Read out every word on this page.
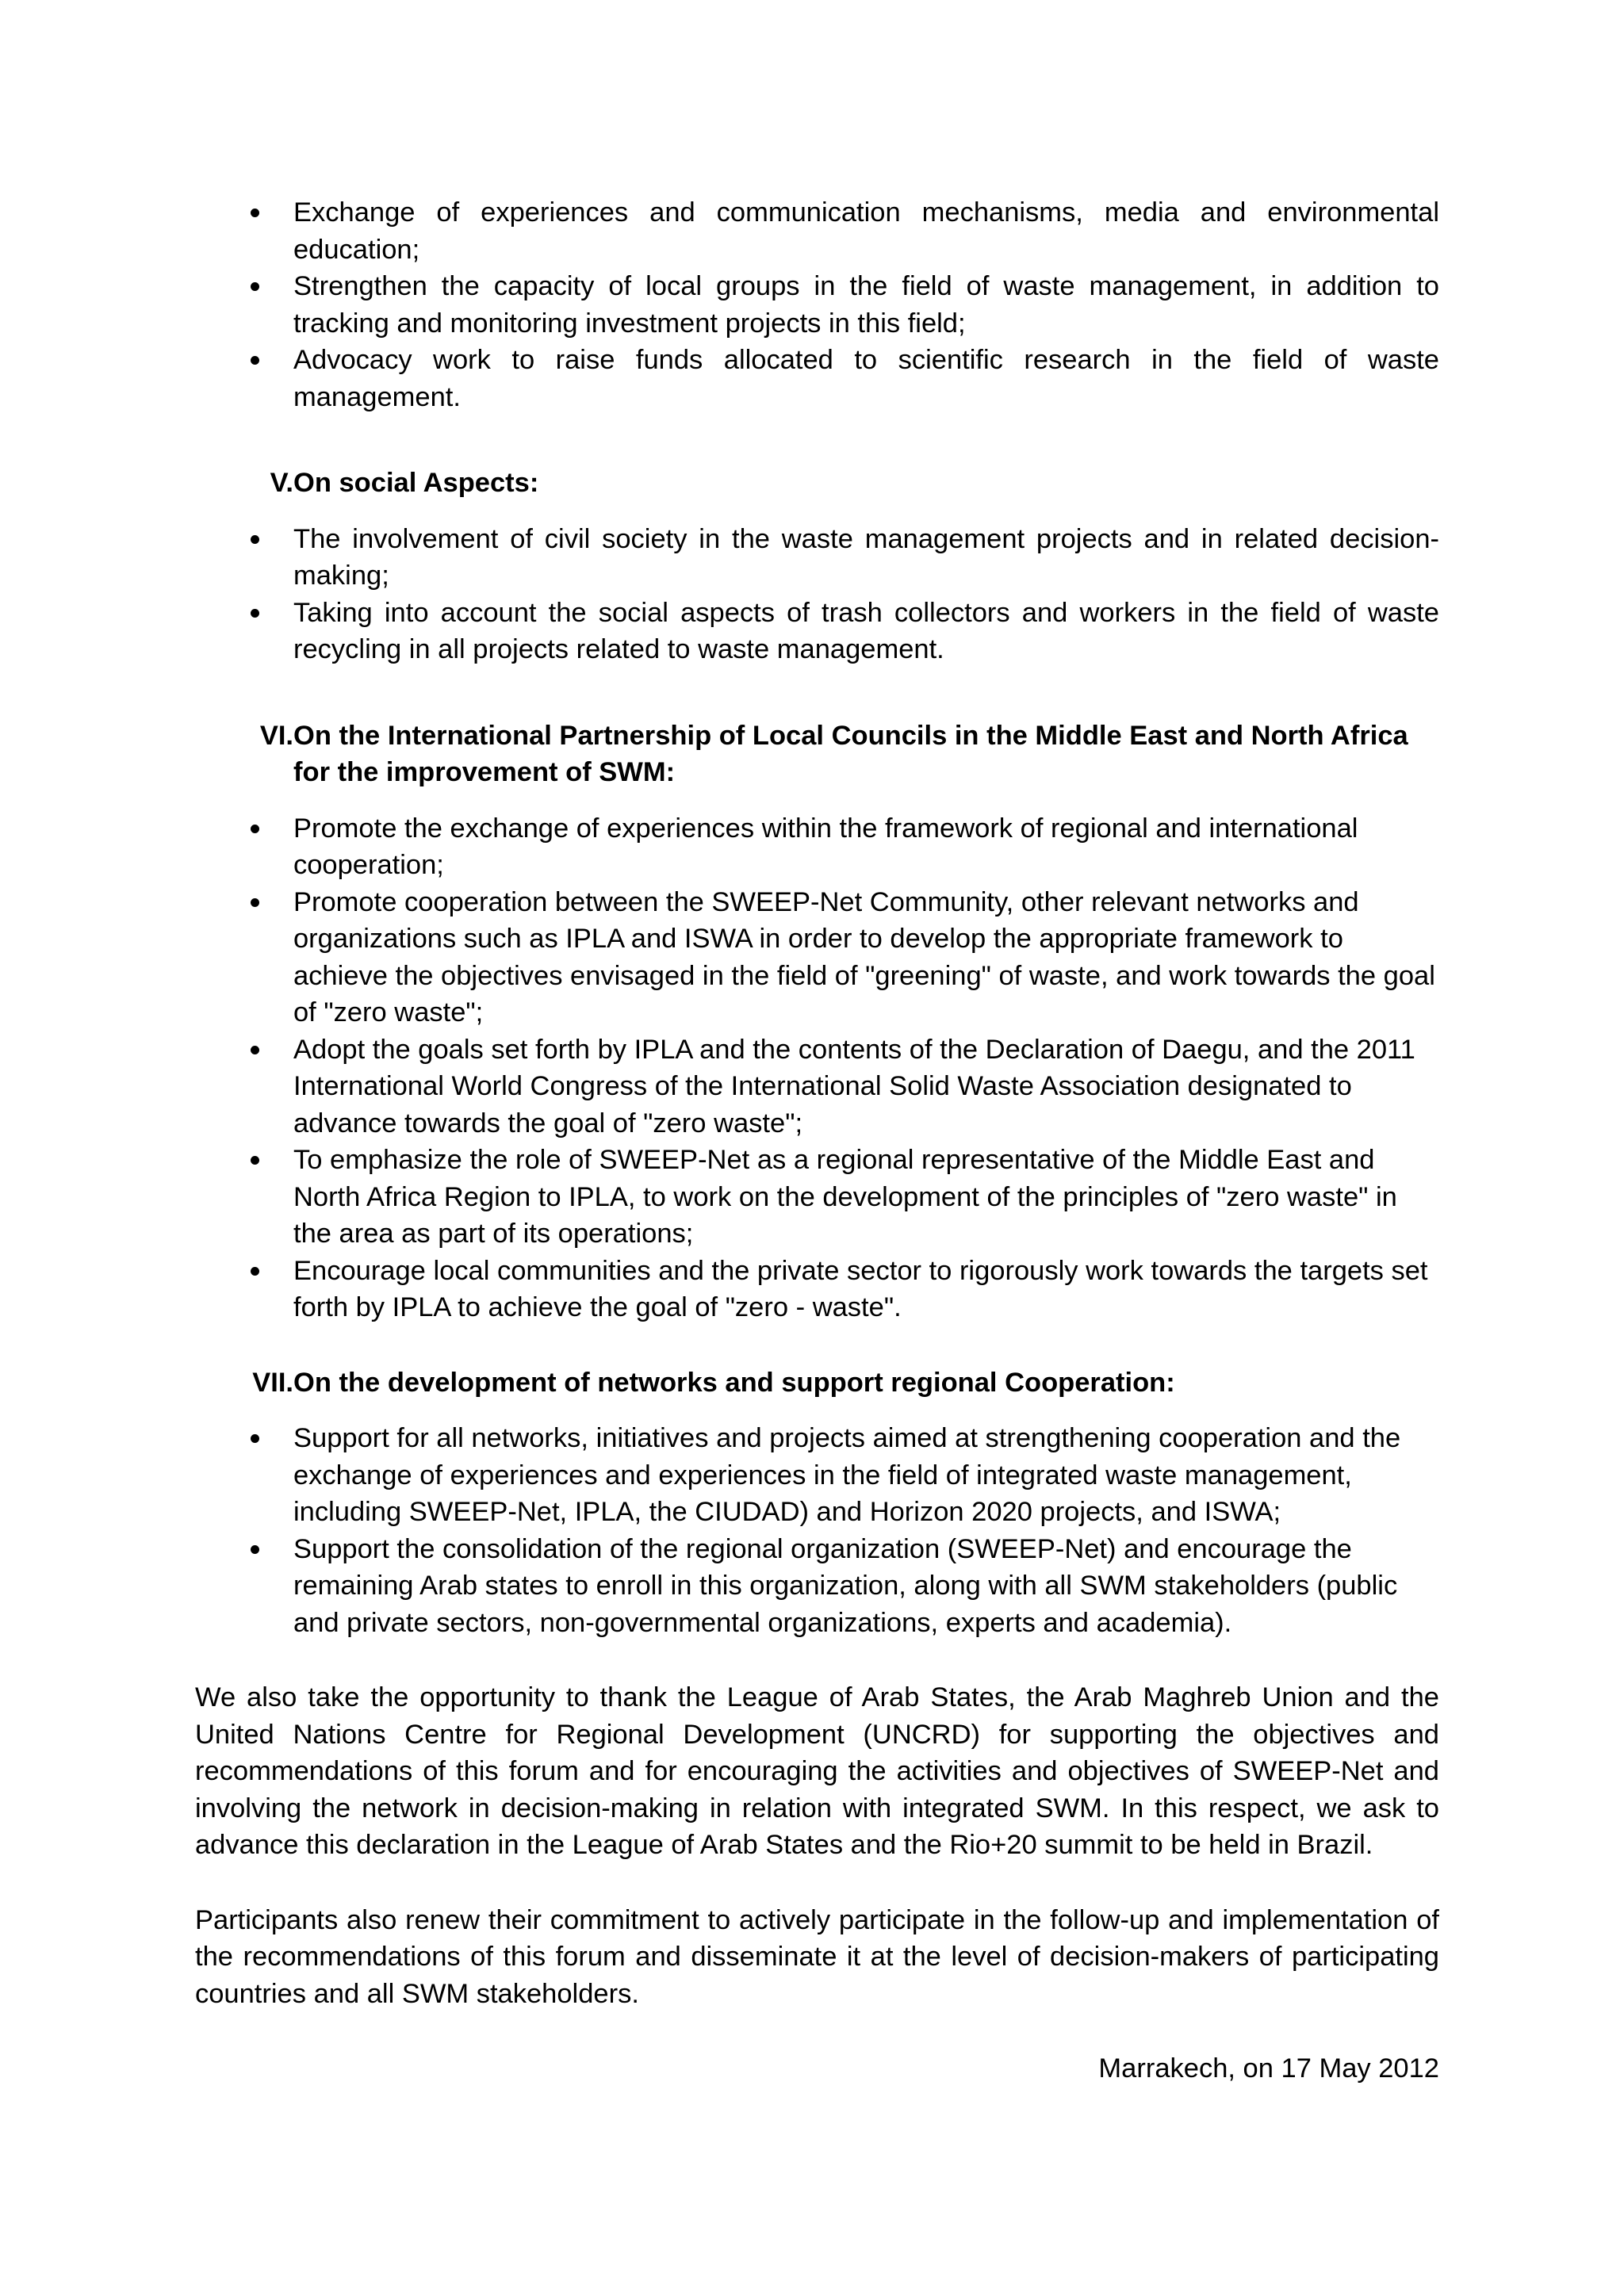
Exchange of experiences and communication mechanisms, media and environmental education;
Strengthen the capacity of local groups in the field of waste management, in addition to tracking and monitoring investment projects in this field;
Advocacy work to raise funds allocated to scientific research in the field of waste management.
V. On social Aspects:
The involvement of civil society in the waste management projects and in related decision-making;
Taking into account the social aspects of trash collectors and workers in the field of waste recycling in all projects related to waste management.
VI. On the International Partnership of Local Councils in the Middle East and North Africa for the improvement of SWM:
Promote the exchange of experiences within the framework of regional and international cooperation;
Promote cooperation between the SWEEP-Net Community, other relevant networks and organizations such as IPLA and ISWA in order to develop the appropriate framework to achieve the objectives envisaged in the field of "greening" of waste, and work towards the goal of "zero waste";
Adopt the goals set forth by IPLA and the contents of the Declaration of Daegu, and the 2011 International World Congress of the International Solid Waste Association designated to advance towards the goal of "zero waste";
To emphasize the role of SWEEP-Net as a regional representative of the Middle East and North Africa Region to IPLA, to work on the development of the principles of "zero waste" in the area as part of its operations;
Encourage local communities and the private sector to rigorously work towards the targets set forth by IPLA to achieve the goal of "zero - waste".
VII. On the development of networks and support regional Cooperation:
Support for all networks, initiatives and projects aimed at strengthening cooperation and the exchange of experiences and experiences in the field of integrated waste management, including SWEEP-Net, IPLA, the CIUDAD) and Horizon 2020 projects, and ISWA;
Support the consolidation of the regional organization (SWEEP-Net) and encourage the remaining Arab states to enroll in this organization, along with all SWM stakeholders (public and private sectors, non-governmental organizations, experts and academia).

We also take the opportunity to thank the League of Arab States, the Arab Maghreb Union and the United Nations Centre for Regional Development (UNCRD) for supporting the objectives and recommendations of this forum and for encouraging the activities and objectives of SWEEP-Net and involving the network in decision-making in relation with integrated SWM. In this respect, we ask to advance this declaration in the League of Arab States and the Rio+20 summit to be held in Brazil.

Participants also renew their commitment to actively participate in the follow-up and implementation of the recommendations of this forum and disseminate it at the level of decision-makers of participating countries and all SWM stakeholders.

Marrakech, on 17 May 2012
